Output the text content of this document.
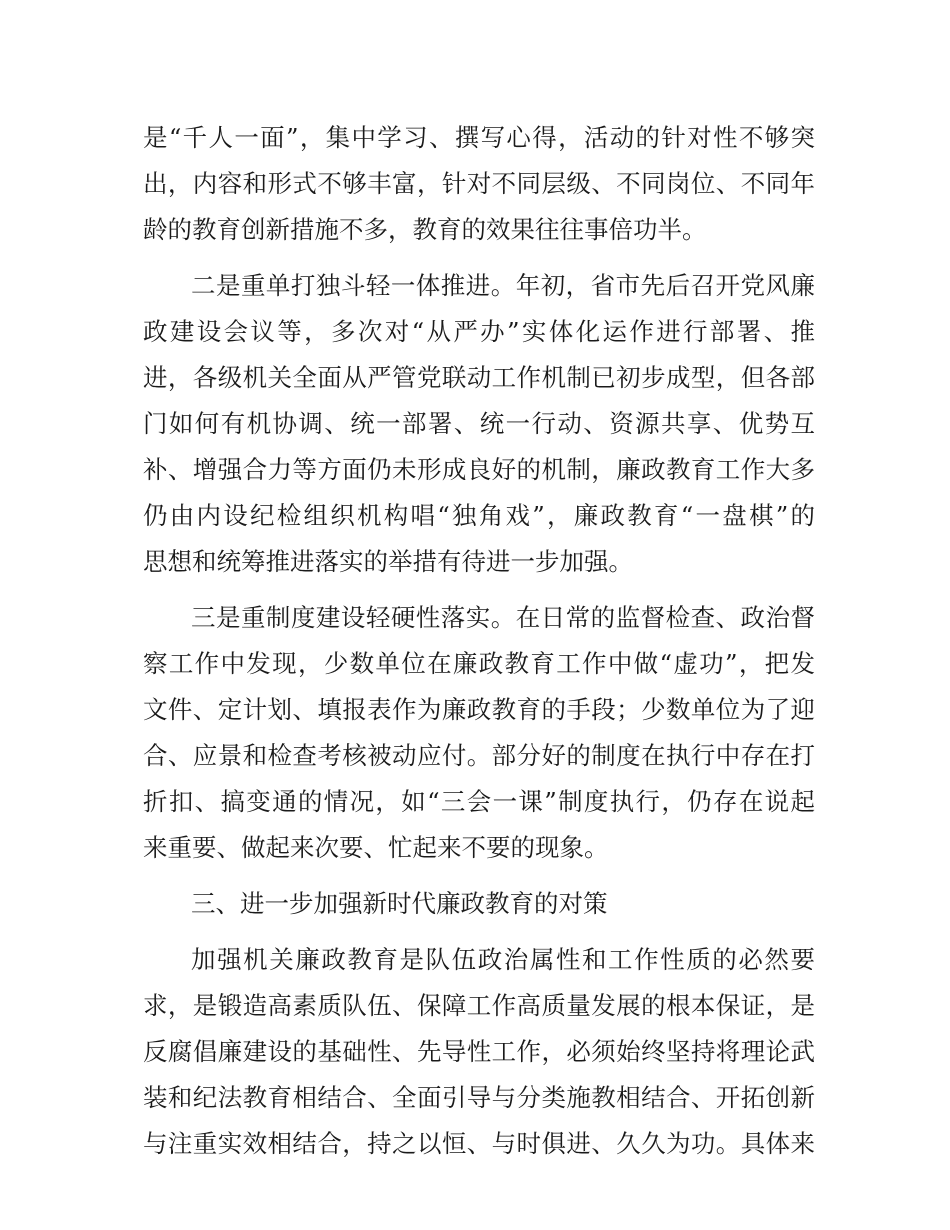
是“千人一面”，集中学习、撰写心得，活动的针对性不够突
出，内容和形式不够丰富，针对不同层级、不同岗位、不同年
龄的教育创新措施不多，教育的效果往往事倍功半。
二是重单打独斗轻一体推进。年初，省市先后召开党风廉
政建设会议等，多次对“从严办”实体化运作进行部署、推
进，各级机关全面从严管党联动工作机制已初步成型，但各部
门如何有机协调、统一部署、统一行动、资源共享、优势互
补、增强合力等方面仍未形成良好的机制，廉政教育工作大多
仍由内设纪检组织机构唱“独角戏”，廉政教育“一盘棋”的
思想和统筹推进落实的举措有待进一步加强。
三是重制度建设轻硬性落实。在日常的监督检查、政治督
察工作中发现，少数单位在廉政教育工作中做“虚功”，把发
文件、定计划、填报表作为廉政教育的手段；少数单位为了迎
合、应景和检查考核被动应付。部分好的制度在执行中存在打
折扣、搞变通的情况，如“三会一课”制度执行，仍存在说起
来重要、做起来次要、忙起来不要的现象。
三、进一步加强新时代廉政教育的对策
加强机关廉政教育是队伍政治属性和工作性质的必然要
求，是锻造高素质队伍、保障工作高质量发展的根本保证，是
反腐倡廉建设的基础性、先导性工作，必须始终坚持将理论武
装和纪法教育相结合、全面引导与分类施教相结合、开拓创新
与注重实效相结合，持之以恒、与时俱进、久久为功。具体来
